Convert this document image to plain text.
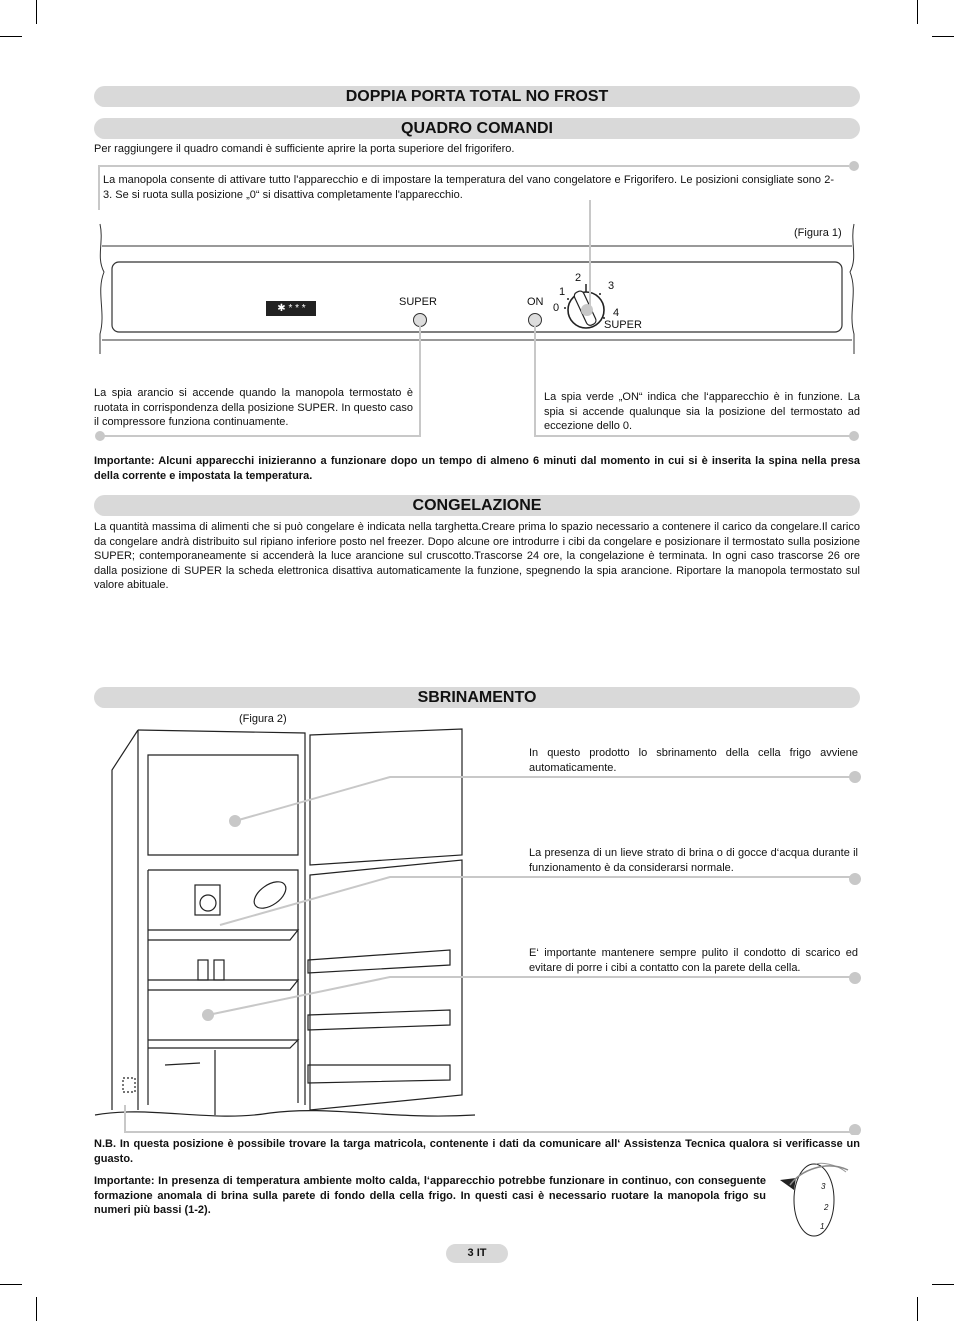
DOPPIA PORTA TOTAL NO FROST
QUADRO COMANDI
Per raggiungere il quadro comandi è sufficiente aprire la porta superiore del frigorifero.
La manopola consente di attivare tutto l'apparecchio e di impostare la temperatura del vano congelatore e Frigorifero. Le posizioni consigliate sono 2-3. Se si ruota sulla posizione „0“ si disattiva completamente l'apparecchio.
(Figura 1)
✱ * * *
SUPER	ON 0
1
2
3
4
SUPER
La spia arancio si accende quando la manopola termostato è ruotata in corrispondenza della posizione SUPER. In questo caso il compressore funziona continuamente.
La spia verde „ON“ indica che l‘apparecchio è in funzione. La spia si accende qualunque sia la posizione del termostato ad eccezione dello 0.
Importante: Alcuni apparecchi inizieranno a funzionare dopo un tempo di almeno 6 minuti dal momento in cui si è inserita la spina nella presa della corrente e impostata la temperatura.
CONGELAZIONE
La quantità massima di alimenti che si può congelare è indicata nella targhetta.Creare prima lo spazio necessario a contenere il carico da congelare.Il carico da congelare andrà distribuito sul ripiano inferiore posto nel freezer. Dopo alcune ore introdurre i cibi da congelare e posizionare il termostato sulla posizione SUPER; contemporaneamente si accenderà la luce arancione sul cruscotto.Trascorse 24 ore, la congelazione è terminata. In ogni caso trascorse 26 ore dalla posizione di SUPER la scheda elettronica disattiva automaticamente la funzione, spegnendo la spia arancione. Riportare la manopola termostato sul valore abituale.
SBRINAMENTO
(Figura 2)
In questo prodotto lo sbrinamento della cella frigo avviene automaticamente.
La presenza di un lieve strato di brina o di gocce d‘acqua durante il funzionamento è da considerarsi normale.
E‘ importante mantenere sempre pulito il condotto di scarico ed evitare di porre i cibi a contatto con la parete della cella.
N.B. In questa posizione è possibile trovare la targa matricola, contenente i dati da comunicare all‘ Assistenza Tecnica qualora si verificasse un guasto.
Importante: In presenza di temperatura ambiente molto calda, l‘apparecchio potrebbe funzionare in continuo, con conseguente formazione anomala di brina sulla parete di fondo della cella frigo. In questi casi è necessario ruotare la manopola frigo su numeri più bassi (1-2).
3
2
1
3 IT
